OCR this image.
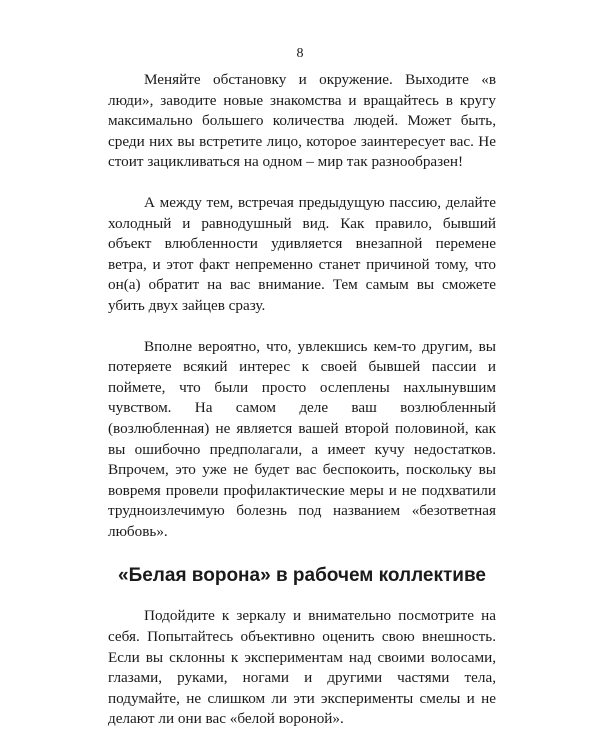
8

Меняйте обстановку и окружение. Выходите «в люди», заводите новые знакомства и вращайтесь в кругу максимально большего количества людей. Может быть, среди них вы встретите лицо, которое заинтересует вас. Не стоит зацикливаться на одном – мир так разнообразен!

А между тем, встречая предыдущую пассию, делайте холодный и равнодушный вид. Как правило, бывший объект влюбленности удивляется внезапной перемене ветра, и этот факт непременно станет причиной тому, что он(а) обратит на вас внимание. Тем самым вы сможете убить двух зайцев сразу.

Вполне вероятно, что, увлекшись кем-то другим, вы потеряете всякий интерес к своей бывшей пассии и поймете, что были просто ослеплены нахлынувшим чувством. На самом деле ваш возлюбленный (возлюбленная) не является вашей второй половиной, как вы ошибочно предполагали, а имеет кучу недостатков. Впрочем, это уже не будет вас беспокоить, поскольку вы вовремя провели профилактические меры и не подхватили трудноизлечимую болезнь под названием «безответная любовь».

«Белая ворона» в рабочем коллективе

Подойдите к зеркалу и внимательно посмотрите на себя. Попытайтесь объективно оценить свою внешность. Если вы склонны к экспериментам над своими волосами, глазами, руками, ногами и другими частями тела, подумайте, не слишком ли эти эксперименты смелы и не делают ли они вас «белой вороной».
